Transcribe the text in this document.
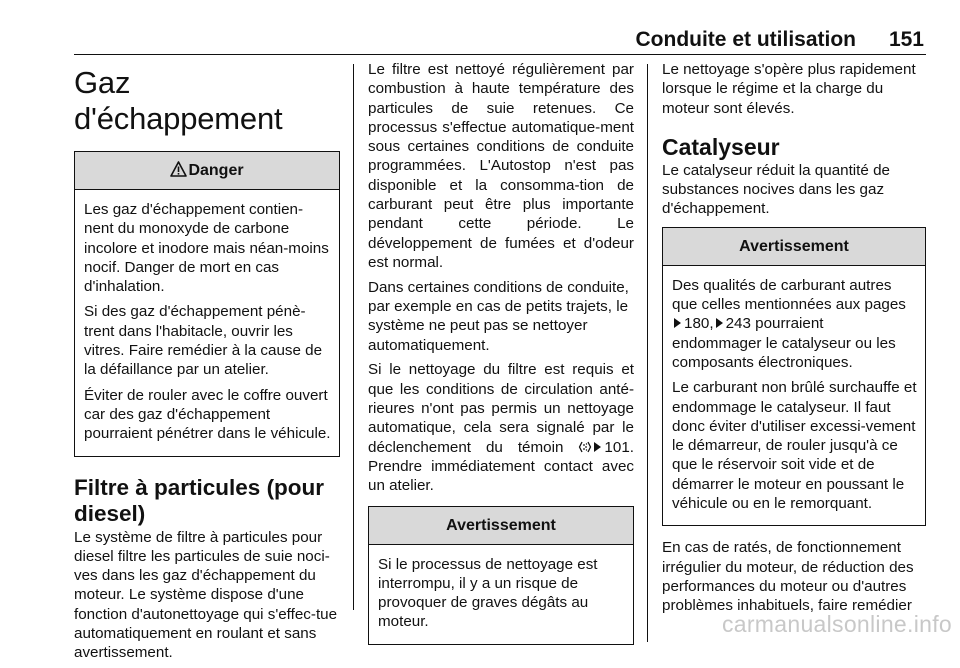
Conduite et utilisation 151
Gaz d'échappement
Danger

Les gaz d'échappement contien-nent du monoxyde de carbone incolore et inodore mais néan-moins nocif. Danger de mort en cas d'inhalation.

Si des gaz d'échappement pénè-trent dans l'habitacle, ouvrir les vitres. Faire remédier à la cause de la défaillance par un atelier.

Éviter de rouler avec le coffre ouvert car des gaz d'échappement pourraient pénétrer dans le véhicule.

Filtre à particules (pour diesel)

Le système de filtre à particules pour diesel filtre les particules de suie noci-ves dans les gaz d'échappement du moteur. Le système dispose d'une fonction d'autonettoyage qui s'effec-tue automatiquement en roulant et sans avertissement.

Le filtre est nettoyé régulièrement par combustion à haute température des particules de suie retenues. Ce processus s'effectue automatique-ment sous certaines conditions de conduite programmées. L'Autostop n'est pas disponible et la consomma-tion de carburant peut être plus importante pendant cette période. Le développement de fumées et d'odeur est normal.

Dans certaines conditions de conduite, par exemple en cas de petits trajets, le système ne peut pas se nettoyer automatiquement.

Si le nettoyage du filtre est requis et que les conditions de circulation anté-rieures n'ont pas permis un nettoyage automatique, cela sera signalé par le déclenchement du témoin	101. Prendre immédiatement contact avec un atelier.

Avertissement

Si le processus de nettoyage est interrompu, il y a un risque de provoquer de graves dégâts au moteur.

Le nettoyage s'opère plus rapidement lorsque le régime et la charge du moteur sont élevés.

Catalyseur

Le catalyseur réduit la quantité de substances nocives dans les gaz d'échappement.

Avertissement

Des qualités de carburant autres que celles mentionnées aux pages180, 243 pourraient endommager le catalyseur ou les composants électroniques.

Le carburant non brûlé surchauffe et endommage le catalyseur. Il faut donc éviter d'utiliser excessi-vement le démarreur, de rouler jusqu'à ce que le réservoir soit vide et de démarrer le moteur en poussant le véhicule ou en le remorquant.

En cas de ratés, de fonctionnement irrégulier du moteur, de réduction des performances du moteur ou d'autres problèmes inhabituels, faire remédier

carmanualsonline.info
